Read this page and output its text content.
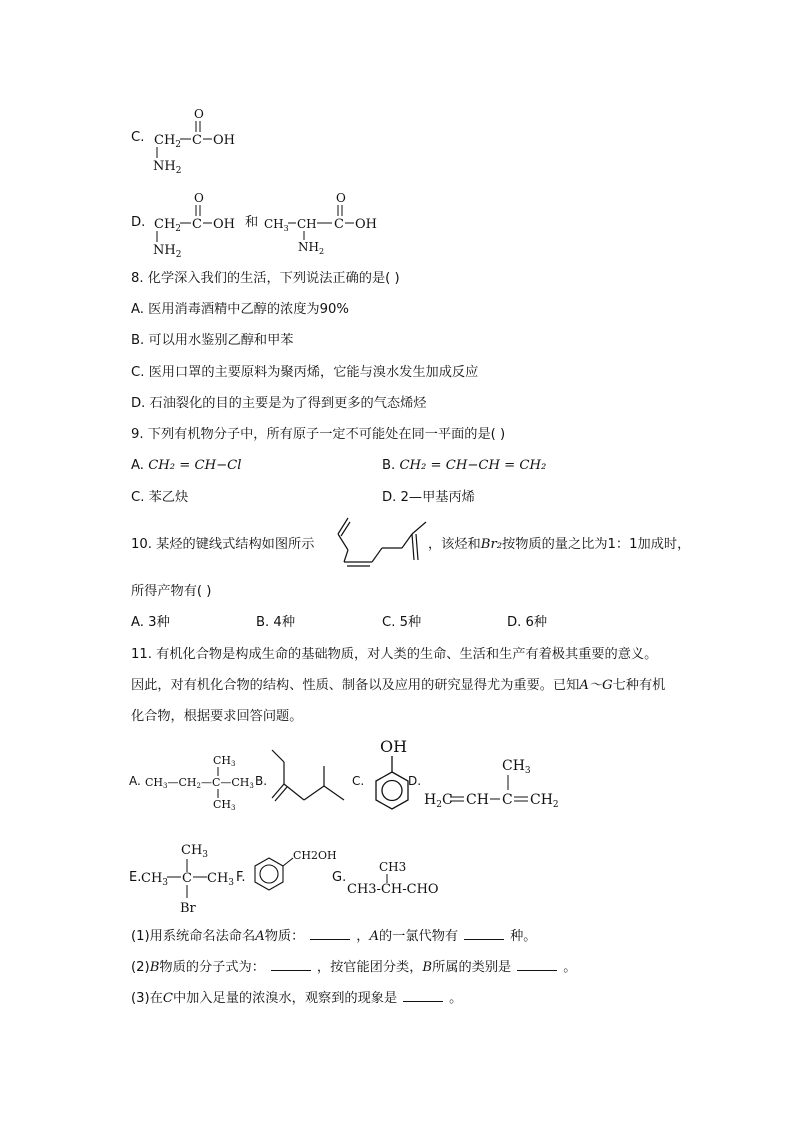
C.
O
$CH_2$ C OH
$NH_2$
D.
O
$CH_2$ C OH
$NH_2$
和
O
$CH_3$ CH C OH
$NH_2$
8. 化学深入我们的生活，下列说法正确的是( )
A. 医用消毒酒精中乙醇的浓度为90%
B. 可以用水鉴别乙醇和甲苯
C. 医用口罩的主要原料为聚丙烯，它能与溴水发生加成反应
D. 石油裂化的目的主要是为了得到更多的气态烯烃
9. 下列有机物分子中，所有原子一定不可能处在同一平面的是( )
A. CH₂ = CH−Cl	B. CH₂ = CH−CH = CH₂
C. 苯乙炔	D. 2—甲基丙烯
10. 某烃的键线式结构如图所示	，该烃和Br₂按物质的量之比为1：1加成时，
所得产物有( )
A. 3种	B. 4种	C. 5种	D. 6种
11. 有机化合物是构成生命的基础物质，对人类的生命、生活和生产有着极其重要的意义。
因此，对有机化合物的结构、性质、制备以及应用的研究显得尤为重要。已知A～G七种有机
化合物，根据要求回答问题。
A. CH3—CH2—C—CH3
CH3
CH3
B.	C.
OH
D.
$H_2C$ CH C $CH_2$
$CH_3$
E.
$CH_3$
$CH_3$ C $CH_3$
Br
F.
CH2OH
G.
CH3
CH3-CH-CHO
(1)用系统命名法命名A物质：	，A的一氯代物有	种。
(2)B物质的分子式为：	，按官能团分类，B所属的类别是	。
(3)在C中加入足量的浓溴水，观察到的现象是	。
